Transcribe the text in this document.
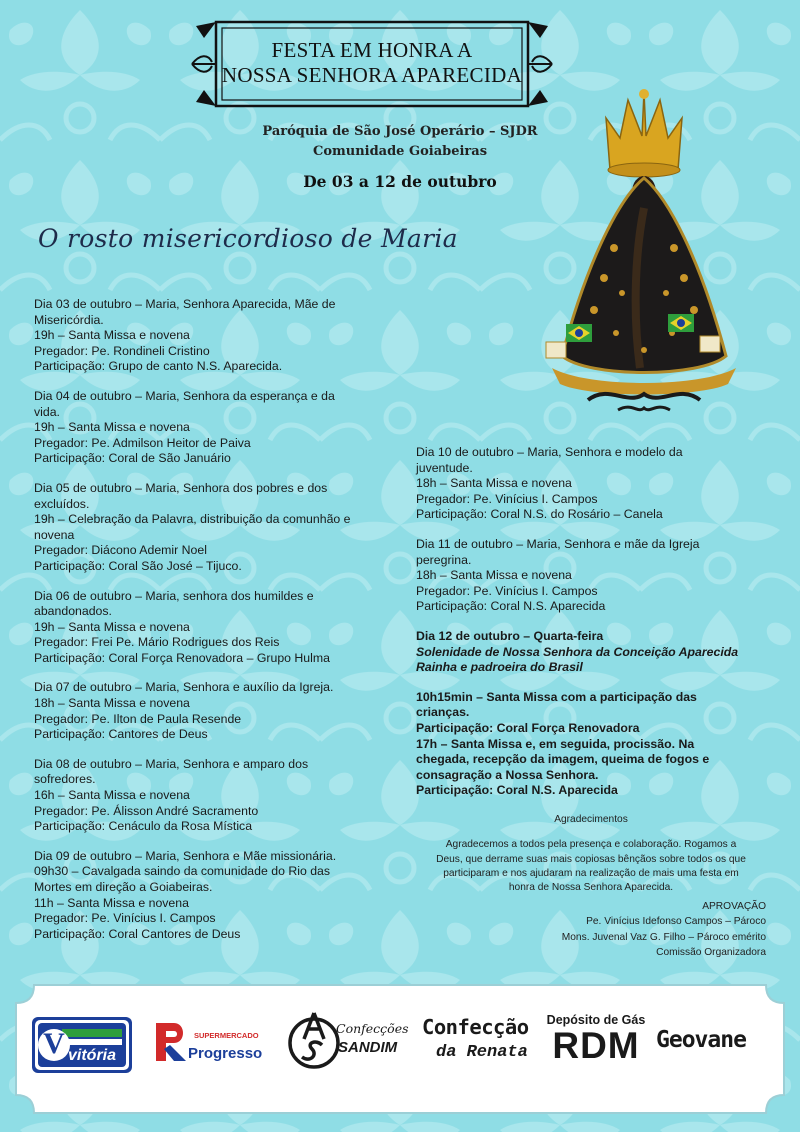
FESTA EM HONRA A
NOSSA SENHORA APARECIDA
Paróquia de São José Operário – SJDR
Comunidade Goiabeiras
De 03 a 12 de outubro
O rosto misericordioso de Maria
Dia 03 de outubro – Maria, Senhora Aparecida, Mãe de
Misericórdia.
19h – Santa Missa e novena
Pregador: Pe. Rondineli Cristino
Participação: Grupo de canto N.S. Aparecida.
Dia 04 de outubro – Maria, Senhora da esperança e da
vida.
19h – Santa Missa e novena
Pregador: Pe. Admilson Heitor de Paiva
Participação: Coral de São Januário
Dia 05 de outubro – Maria, Senhora dos pobres e dos
excluídos.
19h – Celebração da Palavra, distribuição da comunhão e
novena
Pregador: Diácono Ademir Noel
Participação: Coral São José – Tijuco.
Dia 06 de outubro – Maria, senhora dos humildes e
abandonados.
19h – Santa Missa e novena
Pregador: Frei Pe. Mário Rodrigues dos Reis
Participação: Coral Força Renovadora – Grupo Hulma
Dia 07 de outubro – Maria, Senhora e auxílio da Igreja.
18h – Santa Missa e novena
Pregador: Pe. Ilton de Paula Resende
Participação: Cantores de Deus
Dia 08 de outubro – Maria, Senhora e amparo dos
sofredores.
16h – Santa Missa e novena
Pregador: Pe. Álisson André Sacramento
Participação: Cenáculo da Rosa Mística
Dia 09 de outubro – Maria, Senhora e Mãe missionária.
09h30 – Cavalgada saindo da comunidade do Rio das
Mortes em direção a Goiabeiras.
11h – Santa Missa e novena
Pregador: Pe. Vinícius I. Campos
Participação: Coral Cantores de Deus
Dia 10 de outubro – Maria, Senhora e modelo da
juventude.
18h – Santa Missa e novena
Pregador: Pe. Vinícius I. Campos
Participação: Coral N.S. do Rosário – Canela
Dia 11 de outubro – Maria, Senhora e mãe da Igreja
peregrina.
18h – Santa Missa e novena
Pregador: Pe. Vinícius I. Campos
Participação: Coral N.S. Aparecida
Dia 12 de outubro – Quarta-feira
Solenidade de Nossa Senhora da Conceição Aparecida
Rainha e padroeira do Brasil
10h15min – Santa Missa com a participação das
crianças.
Participação: Coral Força Renovadora
17h – Santa Missa e, em seguida, procissão. Na
chegada, recepção da imagem, queima de fogos e
consagração a Nossa Senhora.
Participação: Coral N.S. Aparecida
Agradecimentos
Agradecemos a todos pela presença e colaboração. Rogamos a
Deus, que derrame suas mais copiosas bênçãos sobre todos os que
participaram e nos ajudaram na realização de mais uma festa em
honra de Nossa Senhora Aparecida.
APROVAÇÃO
Pe. Vinícius Idefonso Campos – Pároco
Mons. Juvenal Vaz G. Filho – Pároco emérito
Comissão Organizadora
V vitória
SUPERMERCADO
Progresso
Confecções
SANDIM
Confecção
da Renata
Depósito de Gás
RDM Geovane
